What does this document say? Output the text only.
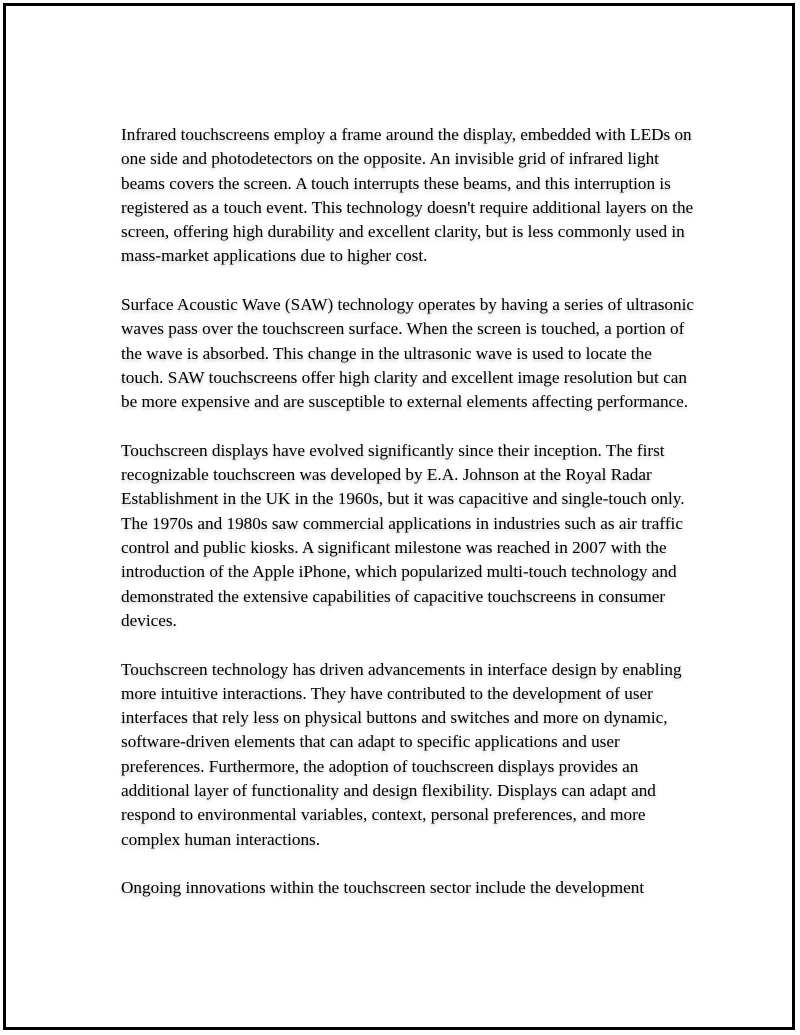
Infrared touchscreens employ a frame around the display, embedded with LEDs on one side and photodetectors on the opposite. An invisible grid of infrared light beams covers the screen. A touch interrupts these beams, and this interruption is registered as a touch event. This technology doesn't require additional layers on the screen, offering high durability and excellent clarity, but is less commonly used in mass-market applications due to higher cost.

Surface Acoustic Wave (SAW) technology operates by having a series of ultrasonic waves pass over the touchscreen surface. When the screen is touched, a portion of the wave is absorbed. This change in the ultrasonic wave is used to locate the touch. SAW touchscreens offer high clarity and excellent image resolution but can be more expensive and are susceptible to external elements affecting performance.

Touchscreen displays have evolved significantly since their inception. The first recognizable touchscreen was developed by E.A. Johnson at the Royal Radar Establishment in the UK in the 1960s, but it was capacitive and single-touch only. The 1970s and 1980s saw commercial applications in industries such as air traffic control and public kiosks. A significant milestone was reached in 2007 with the introduction of the Apple iPhone, which popularized multi-touch technology and demonstrated the extensive capabilities of capacitive touchscreens in consumer devices.

Touchscreen technology has driven advancements in interface design by enabling more intuitive interactions. They have contributed to the development of user interfaces that rely less on physical buttons and switches and more on dynamic, software-driven elements that can adapt to specific applications and user preferences. Furthermore, the adoption of touchscreen displays provides an additional layer of functionality and design flexibility. Displays can adapt and respond to environmental variables, context, personal preferences, and more complex human interactions.

Ongoing innovations within the touchscreen sector include the development
